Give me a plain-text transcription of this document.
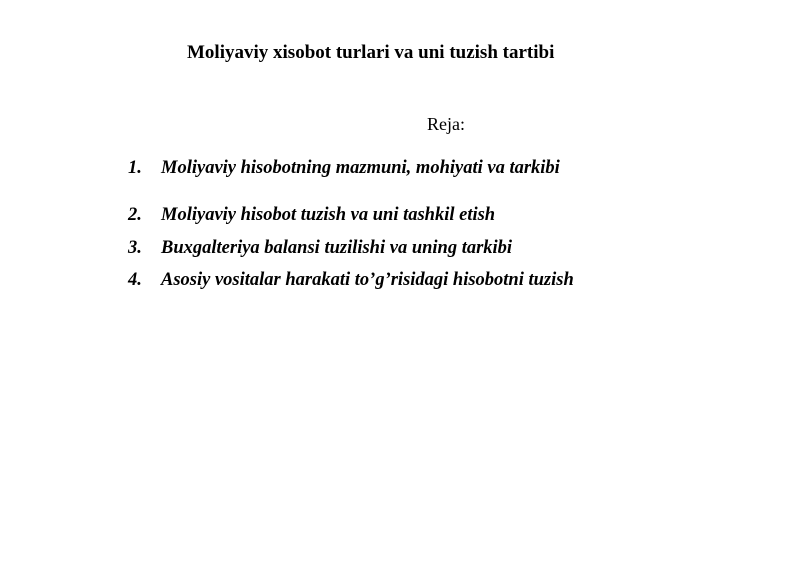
Moliyaviy xisobot turlari va uni tuzish tartibi
Reja:
1. Moliyaviy hisobotning mazmuni, mohiyati va tarkibi
2. Moliyaviy hisobot tuzish va uni tashkil etish
3. Buxgalteriya balansi tuzilishi va uning tarkibi
4. Asosiy vositalar harakati to’g’risidagi hisobotni tuzish
